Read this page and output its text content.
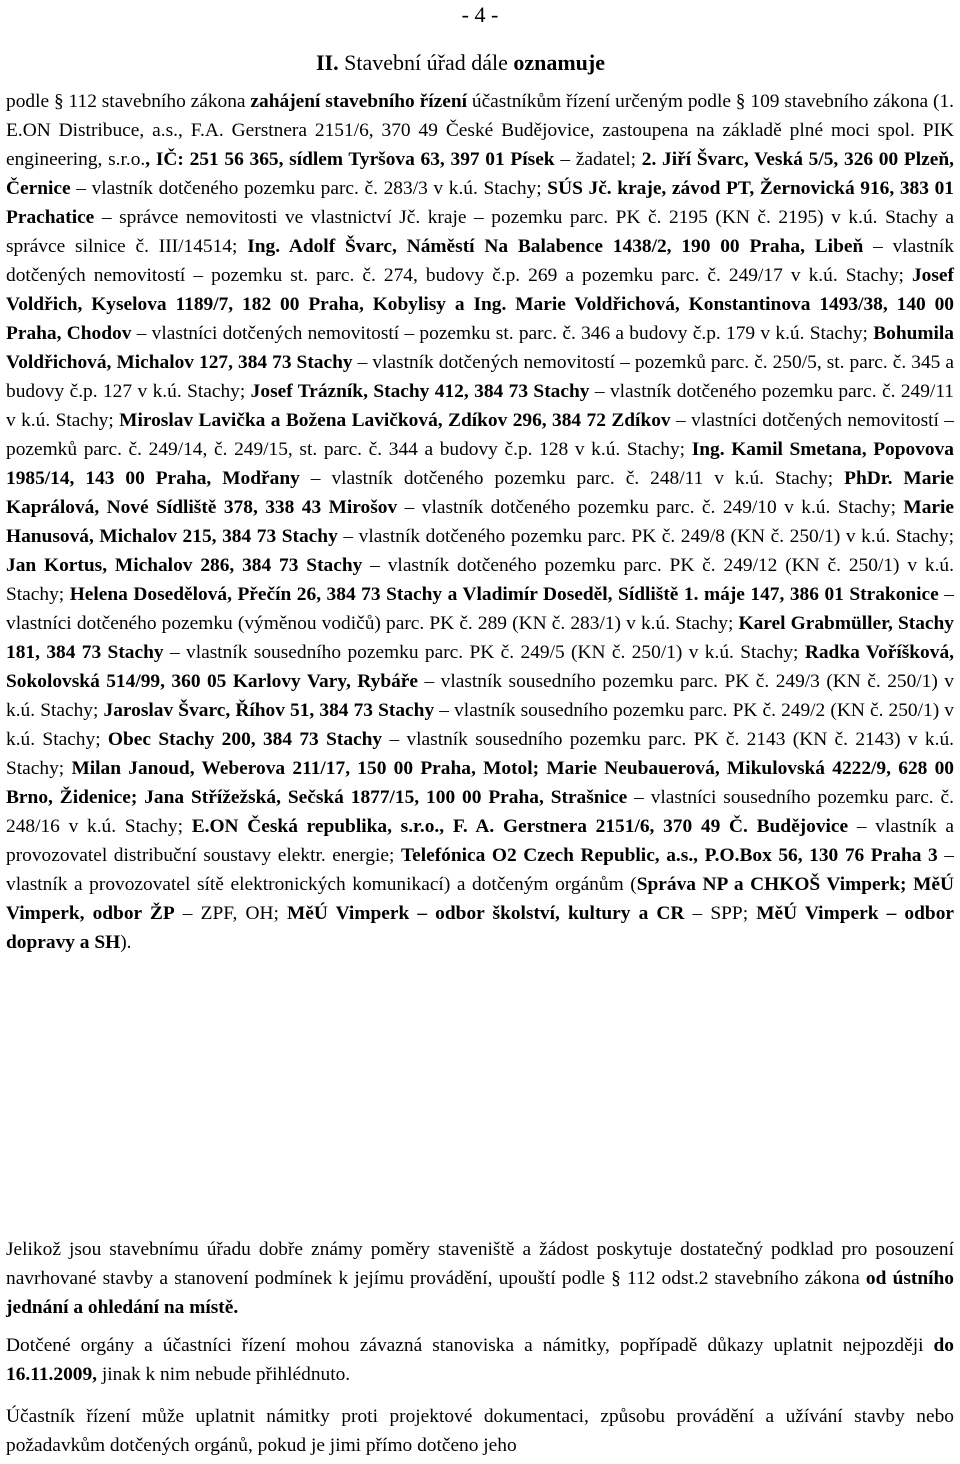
- 4 -
II. Stavební úřad dále oznamuje
podle § 112 stavebního zákona zahájení stavebního řízení účastníkům řízení určeným podle § 109 stavebního zákona (1. E.ON Distribuce, a.s., F.A. Gerstnera 2151/6, 370 49 České Budějovice, zastoupena na základě plné moci spol. PIK engineering, s.r.o., IČ: 251 56 365, sídlem Tyršova 63, 397 01 Písek – žadatel; 2. Jiří Švarc, Veská 5/5, 326 00 Plzeň, Černice – vlastník dotčeného pozemku parc. č. 283/3 v k.ú. Stachy; SÚS Jč. kraje, závod PT, Žernovická 916, 383 01 Prachatice – správce nemovitosti ve vlastnictví Jč. kraje – pozemku parc. PK č. 2195 (KN č. 2195) v k.ú. Stachy a správce silnice č. III/14514; Ing. Adolf Švarc, Náměstí Na Balabence 1438/2, 190 00 Praha, Libeň – vlastník dotčených nemovitostí – pozemku st. parc. č. 274, budovy č.p. 269 a pozemku parc. č. 249/17 v k.ú. Stachy; Josef Voldřich, Kyselova 1189/7, 182 00 Praha, Kobylisy a Ing. Marie Voldřichová, Konstantinova 1493/38, 140 00 Praha, Chodov – vlastníci dotčených nemovitostí – pozemku st. parc. č. 346 a budovy č.p. 179 v k.ú. Stachy; Bohumila Voldřichová, Michalov 127, 384 73 Stachy – vlastník dotčených nemovitostí – pozemků parc. č. 250/5, st. parc. č. 345 a budovy č.p. 127 v k.ú. Stachy; Josef Trázník, Stachy 412, 384 73 Stachy – vlastník dotčeného pozemku parc. č. 249/11 v k.ú. Stachy; Miroslav Lavička a Božena Lavičková, Zdíkov 296, 384 72 Zdíkov – vlastníci dotčených nemovitostí – pozemků parc. č. 249/14, č. 249/15, st. parc. č. 344 a budovy č.p. 128 v k.ú. Stachy; Ing. Kamil Smetana, Popovova 1985/14, 143 00 Praha, Modřany – vlastník dotčeného pozemku parc. č. 248/11 v k.ú. Stachy; PhDr. Marie Kaprálová, Nové Sídliště 378, 338 43 Mirošov – vlastník dotčeného pozemku parc. č. 249/10 v k.ú. Stachy; Marie Hanusová, Michalov 215, 384 73 Stachy – vlastník dotčeného pozemku parc. PK č. 249/8 (KN č. 250/1) v k.ú. Stachy; Jan Kortus, Michalov 286, 384 73 Stachy – vlastník dotčeného pozemku parc. PK č. 249/12 (KN č. 250/1) v k.ú. Stachy; Helena Dosedělová, Přečín 26, 384 73 Stachy a Vladimír Doseděl, Sídliště 1. máje 147, 386 01 Strakonice – vlastníci dotčeného pozemku (výměnou vodičů) parc. PK č. 289 (KN č. 283/1) v k.ú. Stachy; Karel Grabmüller, Stachy 181, 384 73 Stachy – vlastník sousedního pozemku parc. PK č. 249/5 (KN č. 250/1) v k.ú. Stachy; Radka Voříšková, Sokolovská 514/99, 360 05 Karlovy Vary, Rybáře – vlastník sousedního pozemku parc. PK č. 249/3 (KN č. 250/1) v k.ú. Stachy; Jaroslav Švarc, Říhov 51, 384 73 Stachy – vlastník sousedního pozemku parc. PK č. 249/2 (KN č. 250/1) v k.ú. Stachy; Obec Stachy 200, 384 73 Stachy – vlastník sousedního pozemku parc. PK č. 2143 (KN č. 2143) v k.ú. Stachy; Milan Janoud, Weberova 211/17, 150 00 Praha, Motol; Marie Neubauerová, Mikulovská 4222/9, 628 00 Brno, Židenice; Jana Střížežská, Sečská 1877/15, 100 00 Praha, Strašnice – vlastníci sousedního pozemku parc. č. 248/16 v k.ú. Stachy; E.ON Česká republika, s.r.o., F. A. Gerstnera 2151/6, 370 49 Č. Budějovice – vlastník a provozovatel distribuční soustavy elektr. energie; Telefónica O2 Czech Republic, a.s., P.O.Box 56, 130 76 Praha 3 – vlastník a provozovatel sítě elektronických komunikací) a dotčeným orgánům (Správa NP a CHKOŠ Vimperk; MěÚ Vimperk, odbor ŽP – ZPF, OH; MěÚ Vimperk – odbor školství, kultury a CR – SPP; MěÚ Vimperk – odbor dopravy a SH).
Jelikož jsou stavebnímu úřadu dobře známy poměry staveniště a žádost poskytuje dostatečný podklad pro posouzení navrhované stavby a stanovení podmínek k jejímu provádění, upouští podle § 112 odst.2 stavebního zákona od ústního jednání a ohledání na místě.
Dotčené orgány a účastníci řízení mohou závazná stanoviska a námitky, popřípadě důkazy uplatnit nejpozději do 16.11.2009, jinak k nim nebude přihlédnuto.
Účastník řízení může uplatnit námitky proti projektové dokumentaci, způsobu provádění a užívání stavby nebo požadavkům dotčených orgánů, pokud je jimi přímo dotčeno jeho
